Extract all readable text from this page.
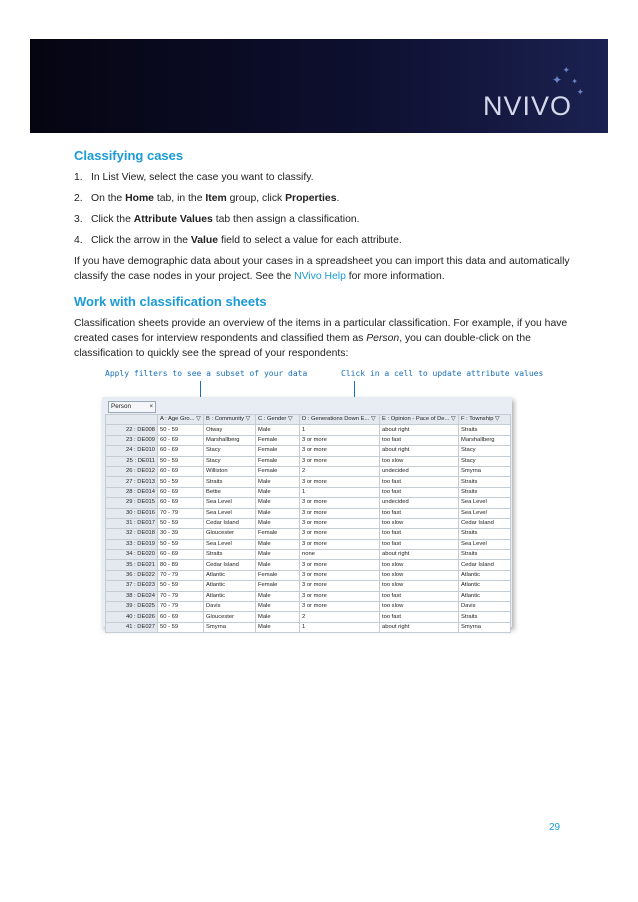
✦
✦
✦
✦
NVIVO
Classifying cases
1. In List View, select the case you want to classify.
2. On the Home tab, in the Item group, click Properties.
3. Click the Attribute Values tab then assign a classification.
4. Click the arrow in the Value field to select a value for each attribute.

If you have demographic data about your cases in a spreadsheet you can import this data and automatically classify the case nodes in your project. See the NVivo Help for more information.

Work with classification sheets

Classification sheets provide an overview of the items in a particular classification. For example, if you have created cases for interview respondents and classified them as Person, you can double-click on the classification to quickly see the spread of your respondents:

Apply filters to see a subset of your data	Click in a cell to update attribute values
Person	×
	A : Age Gro... ▽	B : Community ▽	C : Gender ▽	D : Generations Down E... ▽	E : Opinion - Pace of De... ▽	F : Township ▽
22 : DE008	50 - 59	Otway	Male	1	about right	Straits
23 : DE009	60 - 69	Marshallberg	Female	3 or more	too fast	Marshallberg
24 : DE010	60 - 69	Stacy	Female	3 or more	about right	Stacy
25 : DE011	50 - 59	Stacy	Female	3 or more	too slow	Stacy
26 : DE012	60 - 69	Williston	Female	2	undecided	Smyrna
27 : DE013	50 - 59	Straits	Male	3 or more	too fast	Straits
28 : DE014	60 - 69	Bettie	Male	1	too fast	Straits
29 : DE015	60 - 69	Sea Level	Male	3 or more	undecided	Sea Level
30 : DE016	70 - 79	Sea Level	Male	3 or more	too fast	Sea Level
31 : DE017	50 - 59	Cedar Island	Male	3 or more	too slow	Cedar Island
32 : DE018	30 - 39	Gloucester	Female	3 or more	too fast	Straits
33 : DE019	50 - 59	Sea Level	Male	3 or more	too fast	Sea Level
34 : DE020	60 - 69	Straits	Male	none	about right	Straits
35 : DE021	80 - 89	Cedar Island	Male	3 or more	too slow	Cedar Island
36 : DE022	70 - 79	Atlantic	Female	3 or more	too slow	Atlantic
37 : DE023	50 - 59	Atlantic	Female	3 or more	too slow	Atlantic
38 : DE024	70 - 79	Atlantic	Male	3 or more	too fast	Atlantic
39 : DE025	70 - 79	Davis	Male	3 or more	too slow	Davis
40 : DE026	60 - 69	Gloucester	Male	2	too fast	Straits
41 : DE027	50 - 59	Smyrna	Male	1	about right	Smyrna
29
